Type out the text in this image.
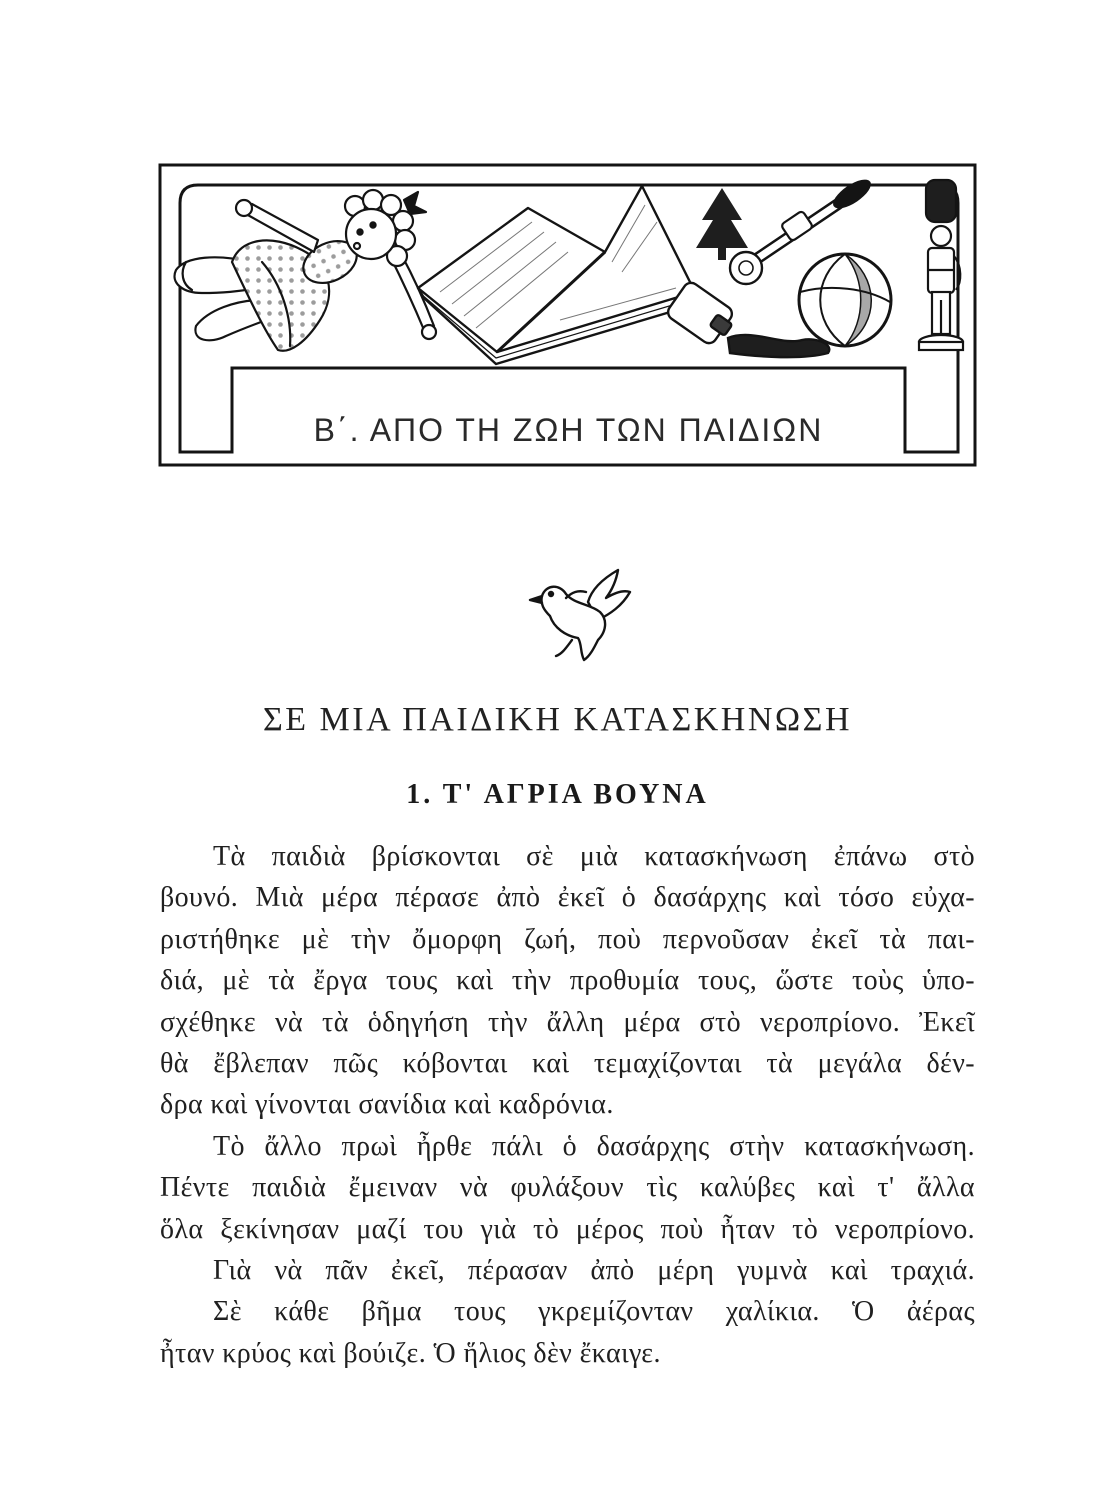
Β΄. ΑΠΟ ΤΗ ΖΩΗ ΤΩΝ ΠΑΙΔΙΩΝ
ΣΕ ΜΙΑ ΠΑΙΔΙΚΗ ΚΑΤΑΣΚΗΝΩΣΗ
1. Τ' ΑΓΡΙΑ ΒΟΥΝΑ
Τὰ παιδιὰ βρίσκονται σὲ μιὰ κατασκήνωση ἐπάνω στὸ
βουνό. Μιὰ μέρα πέρασε ἀπὸ ἐκεῖ ὁ δασάρχης καὶ τόσο εὐχα-
ριστήθηκε μὲ τὴν ὄμορφη ζωή, ποὺ περνοῦσαν ἐκεῖ τὰ παι-
διά, μὲ τὰ ἔργα τους καὶ τὴν προθυμία τους, ὥστε τοὺς ὑπο-
σχέθηκε νὰ τὰ ὁδηγήση τὴν ἄλλη μέρα στὸ νεροπρίονο. Ἐκεῖ
θὰ ἔβλεπαν πῶς κόβονται καὶ τεμαχίζονται τὰ μεγάλα δέν-
δρα καὶ γίνονται σανίδια καὶ καδρόνια.
Τὸ ἄλλο πρωὶ ἦρθε πάλι ὁ δασάρχης στὴν κατασκήνωση.
Πέντε παιδιὰ ἔμειναν νὰ φυλάξουν τὶς καλύβες καὶ τ' ἄλλα
ὅλα ξεκίνησαν μαζί του γιὰ τὸ μέρος ποὺ ἦταν τὸ νεροπρίονο.
Γιὰ νὰ πᾶν ἐκεῖ, πέρασαν ἀπὸ μέρη γυμνὰ καὶ τραχιά.
Σὲ κάθε βῆμα τους γκρεμίζονταν χαλίκια. Ὁ ἀέρας
ἦταν κρύος καὶ βούιζε. Ὁ ἥλιος δὲν ἔκαιγε.
